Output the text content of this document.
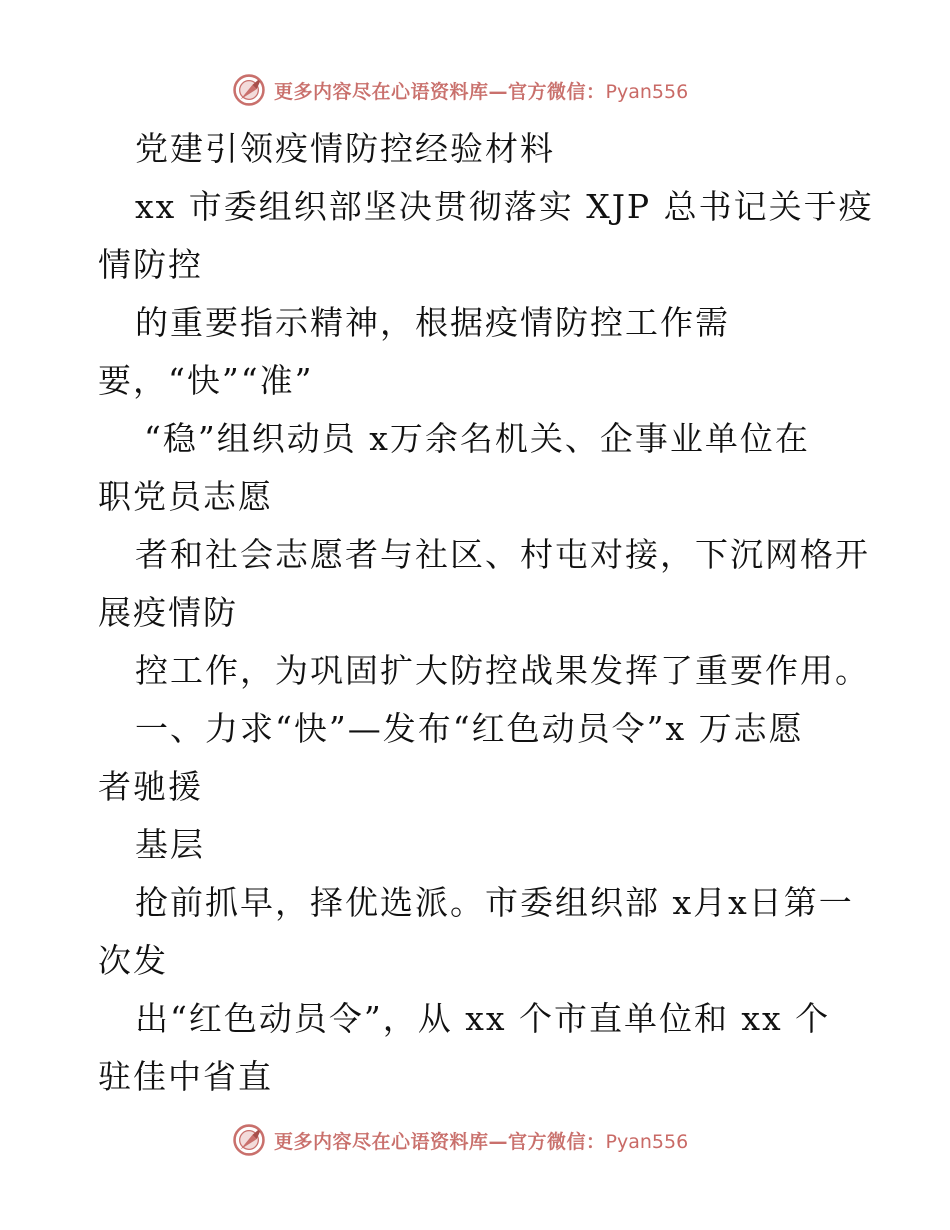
更多内容尽在心语资料库—官方微信：Pyan556
党建引领疫情防控经验材料
xx 市委组织部坚决贯彻落实 XJP 总书记关于疫
情防控
的重要指示精神，根据疫情防控工作需
要，“快”“准”
“稳”组织动员 x万余名机关、企事业单位在
职党员志愿
者和社会志愿者与社区、村屯对接，下沉网格开
展疫情防
控工作，为巩固扩大防控战果发挥了重要作用。
一、力求“快”—发布“红色动员令”x 万志愿
者驰援
基层
抢前抓早，择优选派。市委组织部 x月x日第一
次发
出“红色动员令”，从 xx 个市直单位和 xx 个
驻佳中省直
更多内容尽在心语资料库—官方微信：Pyan556
